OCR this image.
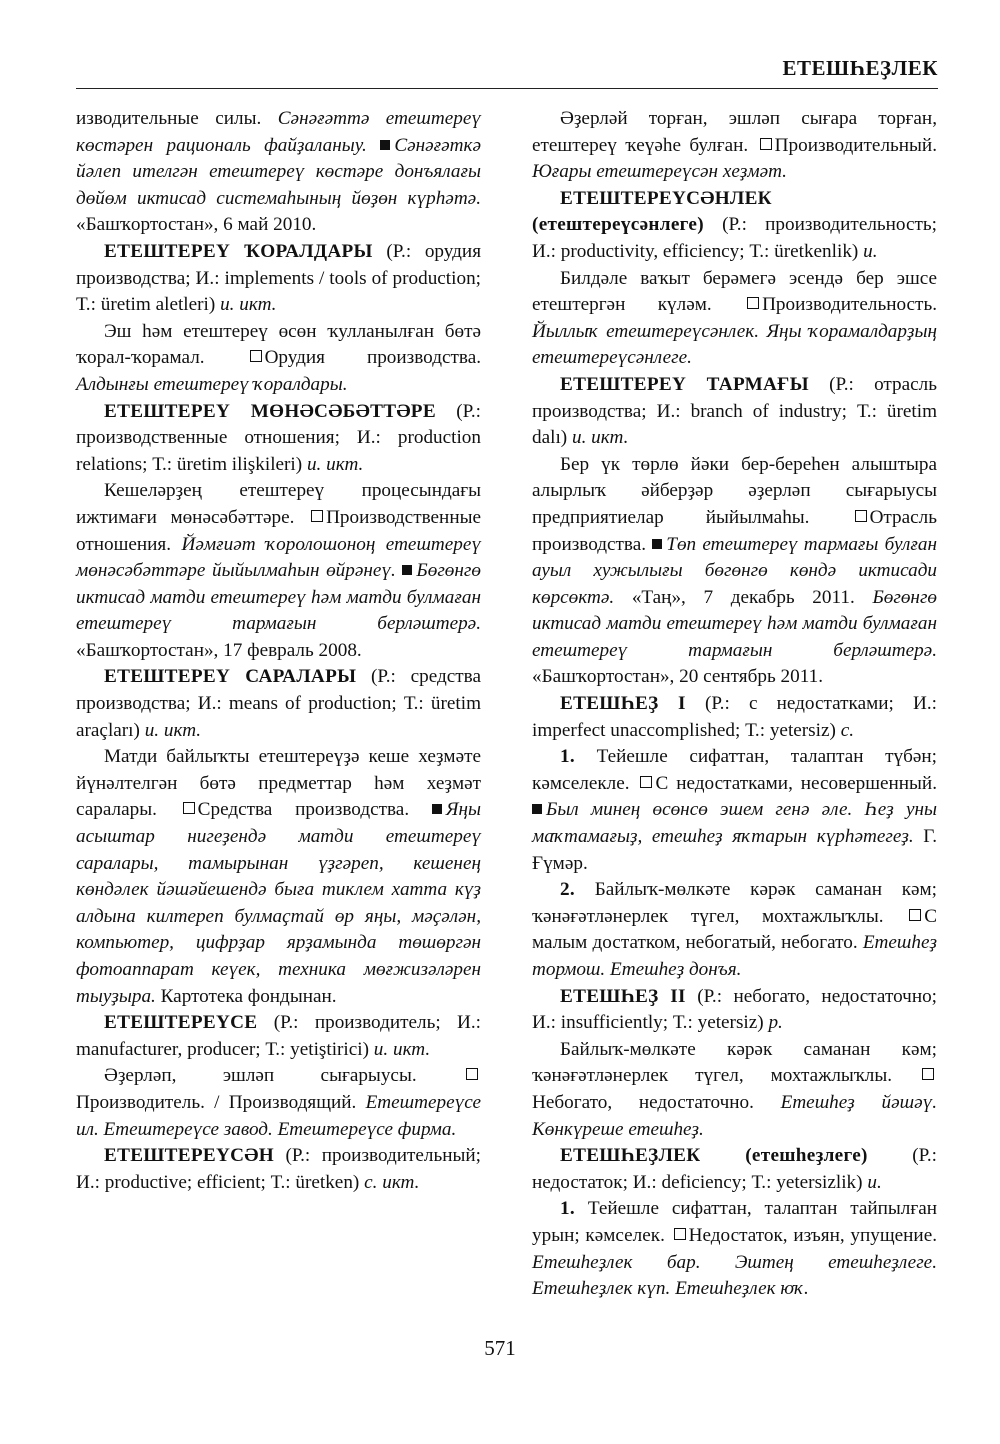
ЕТЕШҺЕҘЛЕК

изводительные силы. Сәнәғәттә етештереү көстәрен рациональ файҙаланыу. Сәнәғәткә йәлеп ителгән етештереү көстәре донъялағы дөйөм иктисад системаһының йөҙөн күрһәтә. «Башҡортостан», 6 май 2010.

ЕТЕШТЕРЕҮ ҠОРАЛДАРЫ (Р.: орудия производства; И.: implements / tools of production; Т.: üretim aletleri) и. икт.

Эш һәм етештереү өсөн ҡулланылған бөтә ҡорал-ҡорамал.	Орудия производства. Алдынғы етештереү ҡоралдары.

ЕТЕШТЕРЕҮ МӨНӘСӘБӘТТӘРЕ (Р.: производственные отношения; И.: production relations; Т.: üretim ilişkileri) и. икт.

Кешеләрҙең етештереү процесындағы ижтимағи мөнәсәбәттәре. Производственные отношения. Йәмғиәт ҡоролошоноң етештереү мөнәсәбәттәре йыйылмаһын өйрәнеү. Бөгөнгө иктисад матди етештереү һәм матди булмаған етештереү тармағын берләштерә. «Башҡортостан», 17 февраль 2008.

ЕТЕШТЕРЕҮ САРАЛАРЫ (Р.: средства производства; И.: means of production; Т.: üretim araçları) и. икт.

Матди байлыҡты етештереүҙә кеше хеҙмәте йүнәлтелгән бөтә предметтар һәм хеҙмәт саралары. Средства производства. Яңы асыштар нигеҙендә матди етештереү саралары, тамырынан үҙгәреп, кешенең көндәлек йәшәйешендә быға тиклем хатта күҙ алдына килтереп булмаҫтай өр яңы, мәҫәлән, компьютер, цифрҙар ярҙамында төшөргән фотоаппарат кеүек, техника мөғжизәләрен тыуҙыра. Картотека фондынан.

ЕТЕШТЕРЕҮСЕ (Р.: производитель; И.: manufacturer, producer; Т.: yetiştirici) и. икт.

Әҙерләп, эшләп сығарыусы. Производитель. / Производящий. Етештереүсе ил. Етештереүсе завод. Етештереүсе фирма.

ЕТЕШТЕРЕҮСӘН (Р.: производительный; И.: productive; efficient; Т.: üretken) с. икт.

Әҙерләй торған, эшләп сығара торған, етештереү ҡеүәһе булған. Производительный. Юғары етештереүсән хеҙмәт.

ЕТЕШТЕРЕҮСӘНЛЕК (етештереүсәнлеге) (Р.: производительность; И.: productivity, efficiency; Т.: üretkenlik) и.

Билдәле ваҡыт берәмегә эсендә бер эшсе етештергән күләм.	Производительность. Йыллыҡ етештереүсәнлек. Яңы ҡорамалдарҙың етештереүсәнлеге.

ЕТЕШТЕРЕҮ ТАРМАҒЫ (Р.: отрасль производства; И.: branch of industry; Т.: üretim dalı) и. икт.

Бер үк төрлө йәки бер-береһен алыштыра алырлыҡ әйберҙәр әҙерләп сығарыусы предприятиелар йыйылмаһы.	Отрасль производства. Төп етештереү тармағы булған ауыл хужылығы бөгөнгө көндә иктисади көрсөктә. «Таң», 7 декабрь 2011. Бөгөнгө иктисад матди етештереү һәм матди булмаған етештереү тармағын берләштерә. «Башҡортостан», 20 сентябрь 2011.

ЕТЕШҺЕҘ I (Р.: с недостатками; И.: imperfect unaccomplished; Т.: yetersiz) с.

1. Тейешле сифаттан, талаптан түбән; кәмселекле. С недостатками, несовершенный. Был минең өсөнсө эшем генә әле. Һеҙ уны маҡтамағыҙ, етешһеҙ яҡтарын күрһәтегеҙ. Г. Ғүмәр.

2. Байлыҡ-мөлкәте кәрәк саманан кәм; ҡәнәғәтләнерлек түгел, мохтажлыҡлы. С малым достатком, небогатый, небогато. Етешһеҙ тормош. Етешһеҙ донъя.

ЕТЕШҺЕҘ II (Р.: небогато, недостаточно; И.: insufficiently; Т.: yetersiz) р.

Байлыҡ-мөлкәте кәрәк саманан кәм; ҡәнәғәтләнерлек түгел, мохтажлыҡлы. Небогато, недостаточно. Етешһеҙ йәшәү. Көнкүреше етешһеҙ.

ЕТЕШҺЕҘЛЕК (етешһеҙлеге) (Р.: недостаток; И.: deficiency; Т.: yetersizlik) и.

1. Тейешле сифаттан, талаптан тайпылған урын; кәмселек. Недостаток, изъян, упущение. Етешһеҙлек бар. Эштең етешһеҙлеге. Етешһеҙлек күп. Етешһеҙлек юҡ.

571
